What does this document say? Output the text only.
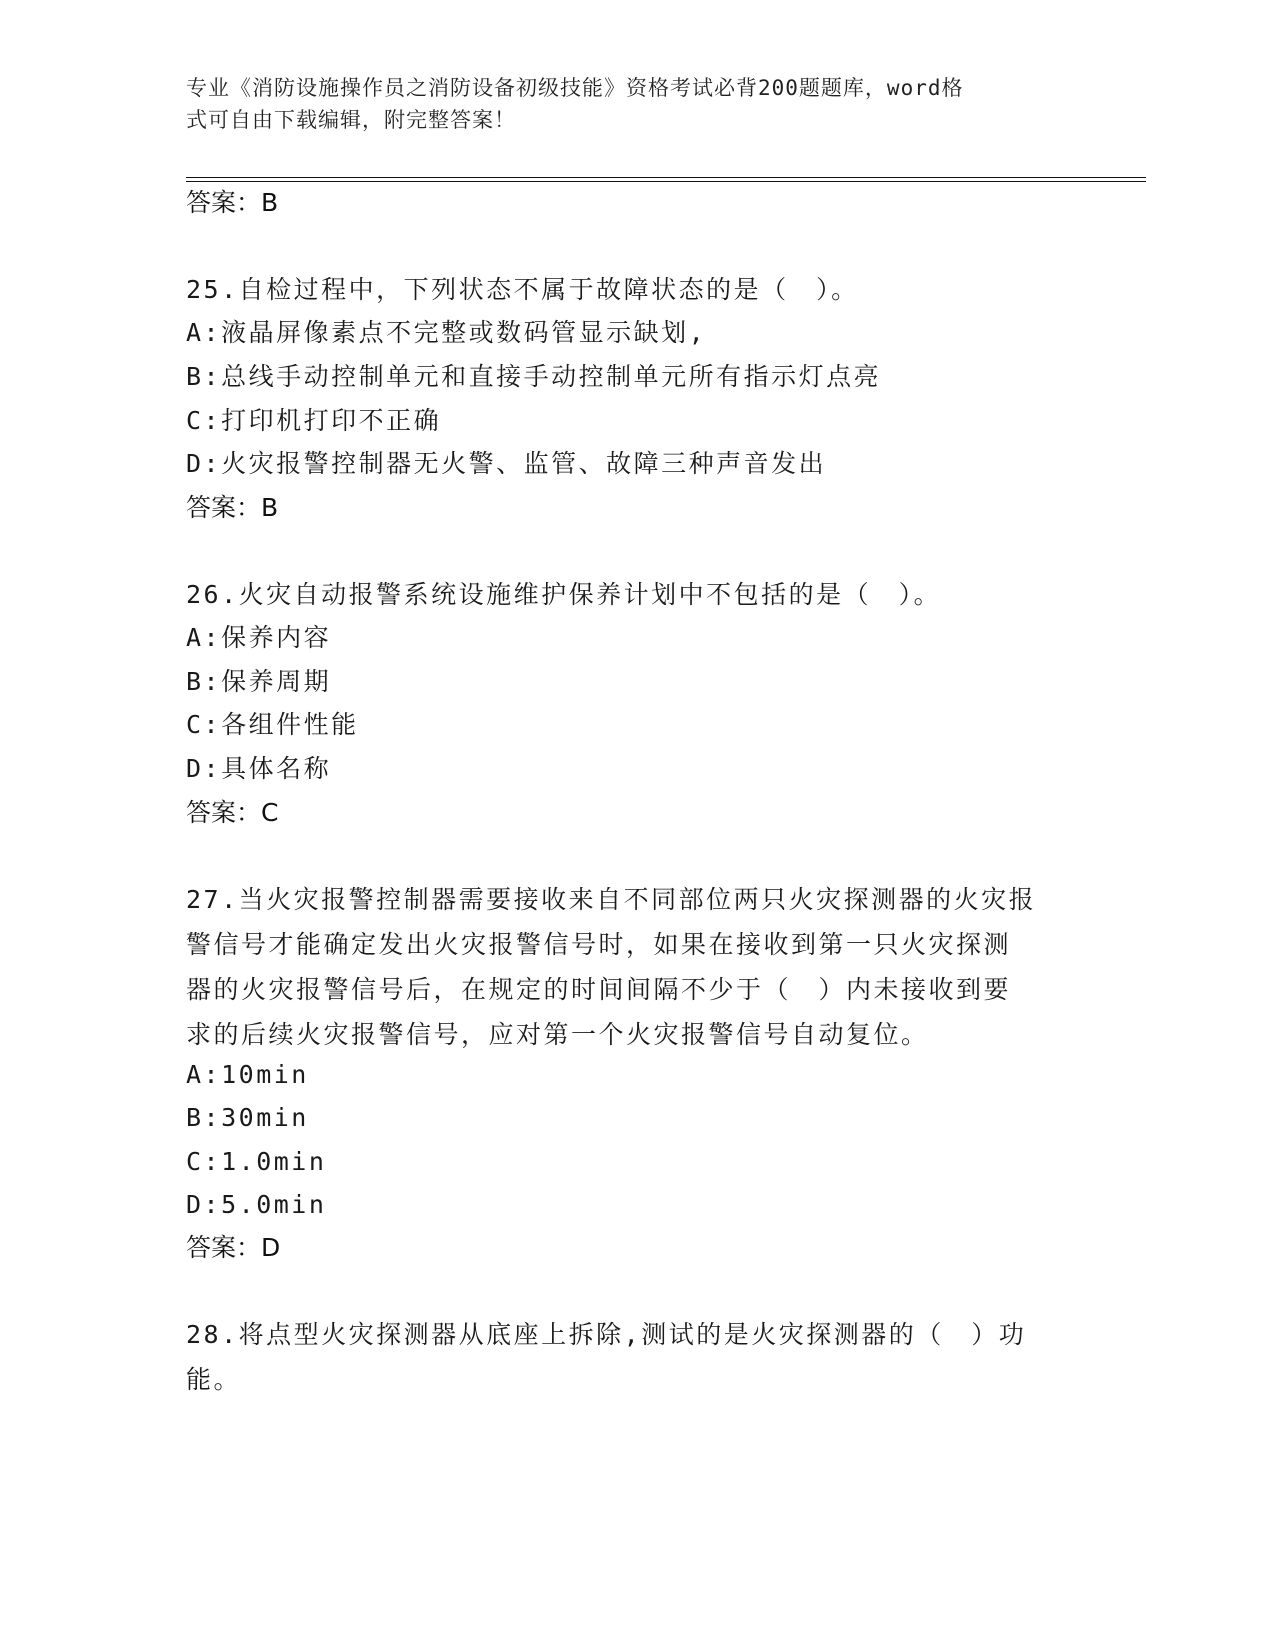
专业《消防设施操作员之消防设备初级技能》资格考试必背200题题库，word格
式可自由下载编辑，附完整答案！
答案：B
25.自检过程中，下列状态不属于故障状态的是（　）。
A:液晶屏像素点不完整或数码管显示缺划,
B:总线手动控制单元和直接手动控制单元所有指示灯点亮
C:打印机打印不正确
D:火灾报警控制器无火警、监管、故障三种声音发出
答案：B
26.火灾自动报警系统设施维护保养计划中不包括的是（　）。
A:保养内容
B:保养周期
C:各组件性能
D:具体名称
答案：C
27.当火灾报警控制器需要接收来自不同部位两只火灾探测器的火灾报
警信号才能确定发出火灾报警信号时，如果在接收到第一只火灾探测
器的火灾报警信号后，在规定的时间间隔不少于（　）内未接收到要
求的后续火灾报警信号，应对第一个火灾报警信号自动复位。
A:10min
B:30min
C:1.0min
D:5.0min
答案：D
28.将点型火灾探测器从底座上拆除,测试的是火灾探测器的（　）功
能。
